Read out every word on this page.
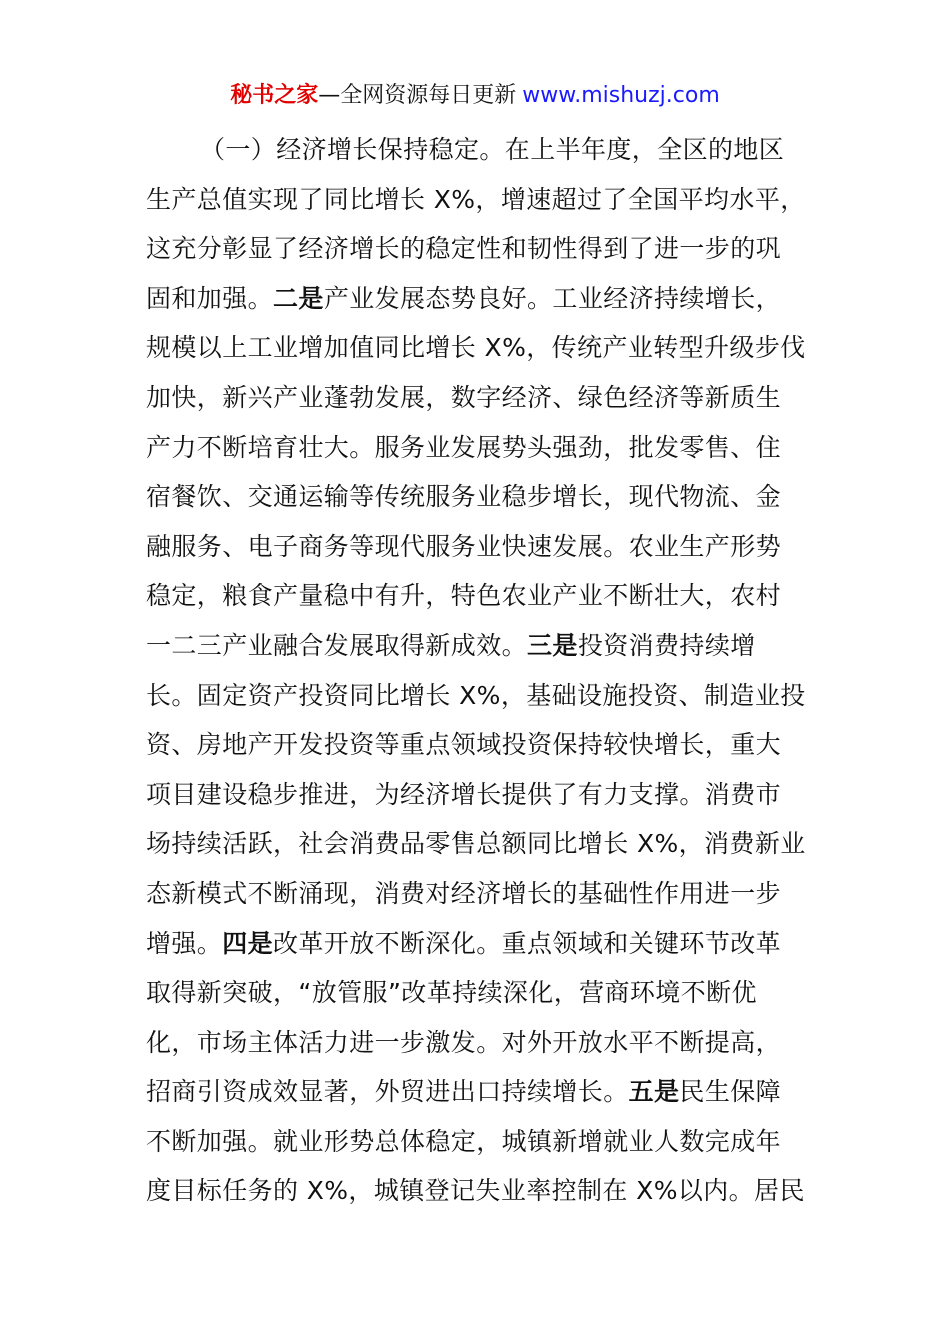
秘书之家—全网资源每日更新 www.mishuzj.com
（一）经济增长保持稳定。在上半年度，全区的地区
生产总值实现了同比增长 X%，增速超过了全国平均水平，
这充分彰显了经济增长的稳定性和韧性得到了进一步的巩
固和加强。二是产业发展态势良好。工业经济持续增长，
规模以上工业增加值同比增长 X%，传统产业转型升级步伐
加快，新兴产业蓬勃发展，数字经济、绿色经济等新质生
产力不断培育壮大。服务业发展势头强劲，批发零售、住
宿餐饮、交通运输等传统服务业稳步增长，现代物流、金
融服务、电子商务等现代服务业快速发展。农业生产形势
稳定，粮食产量稳中有升，特色农业产业不断壮大，农村
一二三产业融合发展取得新成效。三是投资消费持续增
长。固定资产投资同比增长 X%，基础设施投资、制造业投
资、房地产开发投资等重点领域投资保持较快增长，重大
项目建设稳步推进，为经济增长提供了有力支撑。消费市
场持续活跃，社会消费品零售总额同比增长 X%，消费新业
态新模式不断涌现，消费对经济增长的基础性作用进一步
增强。四是改革开放不断深化。重点领域和关键环节改革
取得新突破，“放管服”改革持续深化，营商环境不断优
化，市场主体活力进一步激发。对外开放水平不断提高，
招商引资成效显著，外贸进出口持续增长。五是民生保障
不断加强。就业形势总体稳定，城镇新增就业人数完成年
度目标任务的 X%，城镇登记失业率控制在 X%以内。居民
